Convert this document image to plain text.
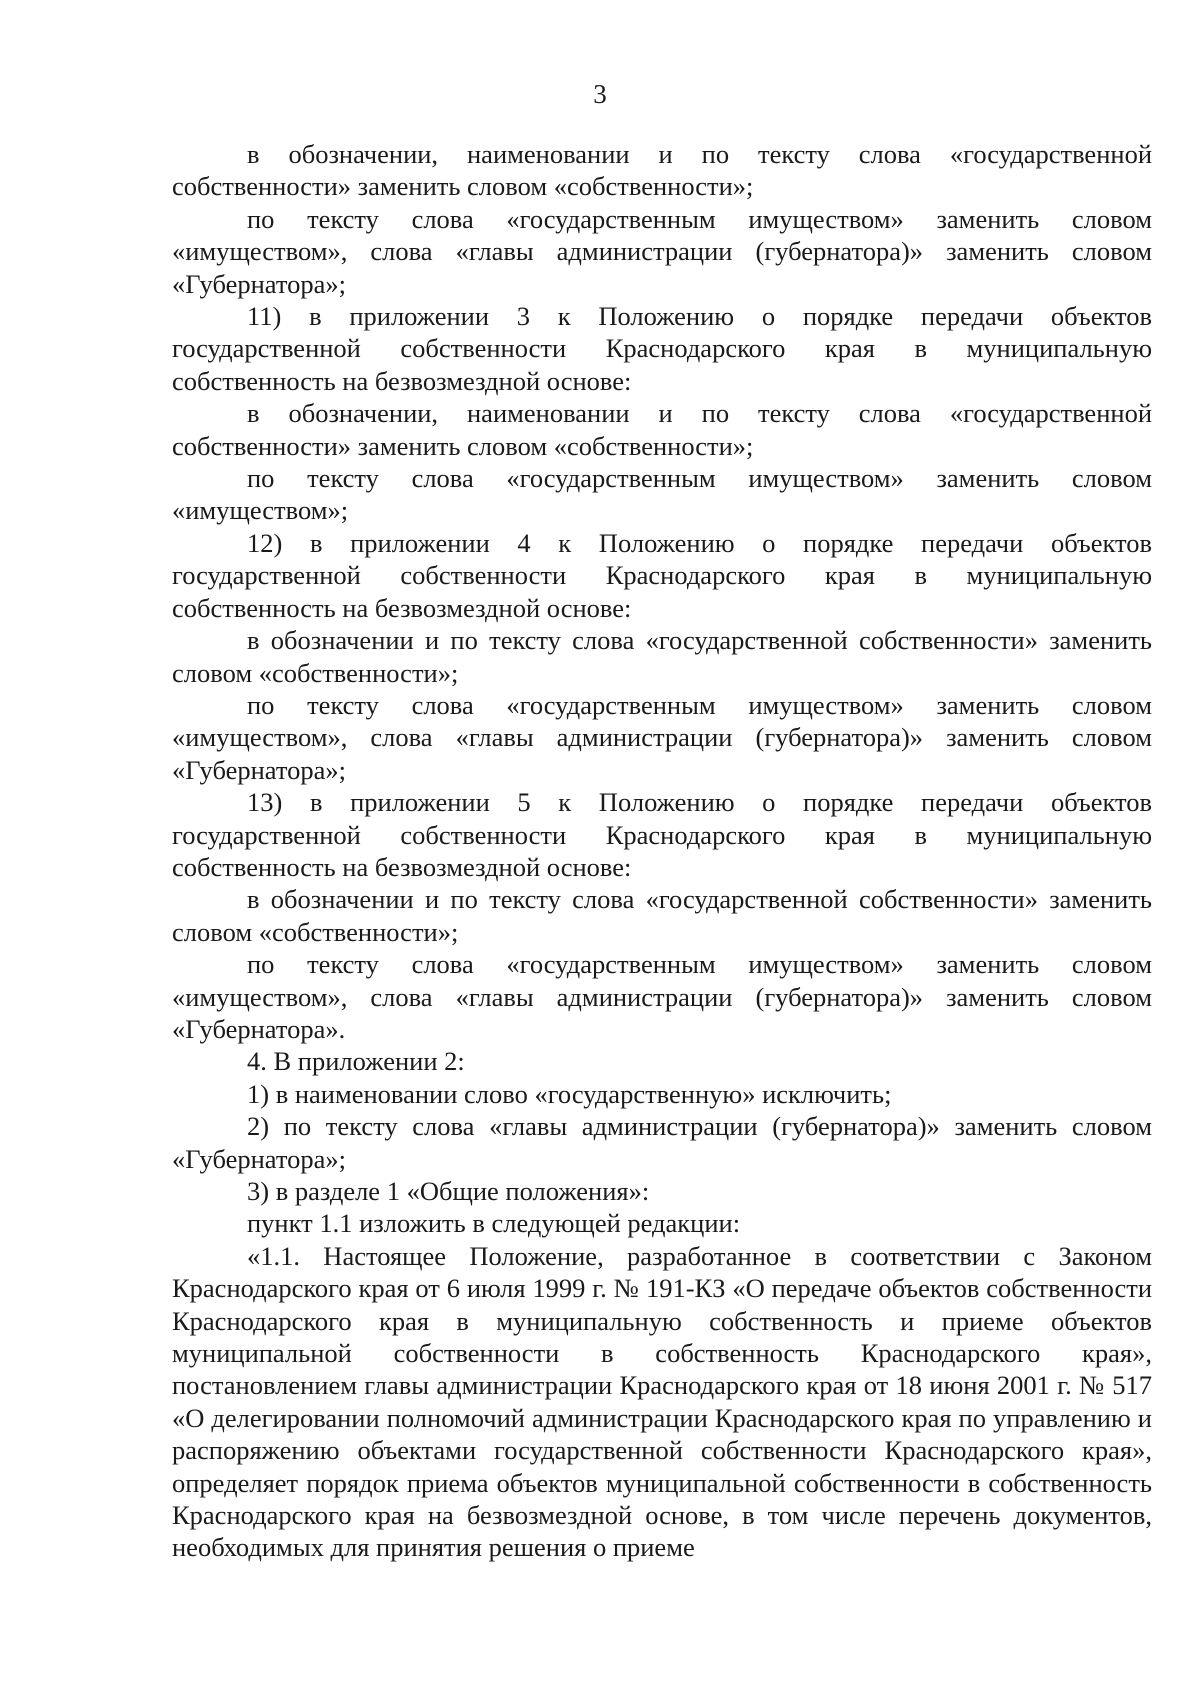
3

в обозначении, наименовании и по тексту слова «государственной собственности» заменить словом «собственности»;

по тексту слова «государственным имуществом» заменить словом «имуществом», слова «главы администрации (губернатора)» заменить словом «Губернатора»;

11) в приложении 3 к Положению о порядке передачи объектов государственной собственности Краснодарского края в муниципальную собственность на безвозмездной основе:

в обозначении, наименовании и по тексту слова «государственной собственности» заменить словом «собственности»;

по тексту слова «государственным имуществом» заменить словом «имуществом»;

12) в приложении 4 к Положению о порядке передачи объектов государственной собственности Краснодарского края в муниципальную собственность на безвозмездной основе:

в обозначении и по тексту слова «государственной собственности» заменить словом «собственности»;

по тексту слова «государственным имуществом» заменить словом «имуществом», слова «главы администрации (губернатора)» заменить словом «Губернатора»;

13) в приложении 5 к Положению о порядке передачи объектов государственной собственности Краснодарского края в муниципальную собственность на безвозмездной основе:

в обозначении и по тексту слова «государственной собственности» заменить словом «собственности»;

по тексту слова «государственным имуществом» заменить словом «имуществом», слова «главы администрации (губернатора)» заменить словом «Губернатора».

4. В приложении 2:

1) в наименовании слово «государственную» исключить;

2) по тексту слова «главы администрации (губернатора)» заменить словом «Губернатора»;

3) в разделе 1 «Общие положения»:

пункт 1.1 изложить в следующей редакции:

«1.1. Настоящее Положение, разработанное в соответствии с Законом Краснодарского края от 6 июля 1999 г. № 191-КЗ «О передаче объектов собственности Краснодарского края в муниципальную собственность и приеме объектов муниципальной собственности в собственность Краснодарского края», постановлением главы администрации Краснодарского края от 18 июня 2001 г. № 517 «О делегировании полномочий администрации Краснодарского края по управлению и распоряжению объектами государственной собственности Краснодарского края», определяет порядок приема объектов муниципальной собственности в собственность Краснодарского края на безвозмездной основе, в том числе перечень документов, необходимых для принятия решения о приеме
